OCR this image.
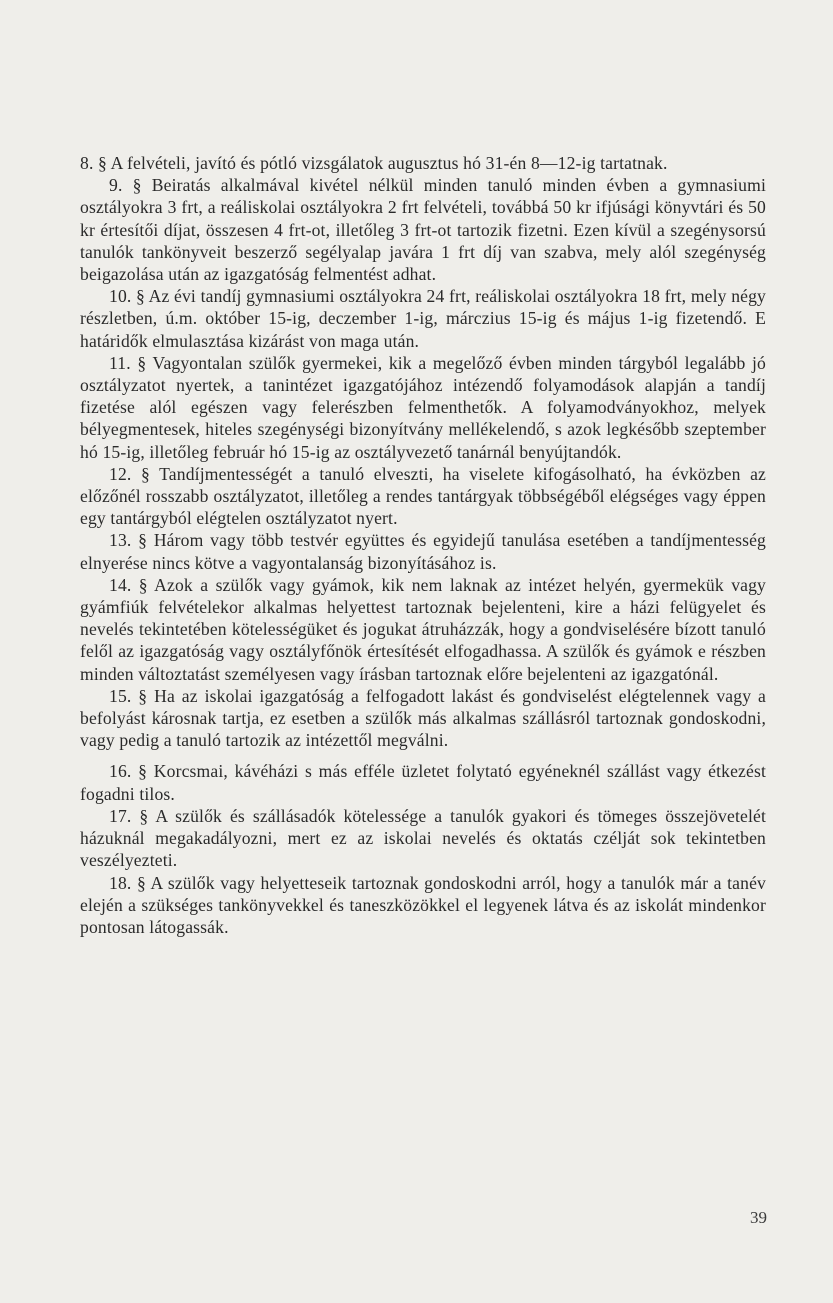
8. § A felvételi, javító és pótló vizsgálatok augusztus hó 31-én 8—12-ig tartatnak.

9. § Beiratás alkalmával kivétel nélkül minden tanuló minden évben a gymnasiumi osztályokra 3 frt, a reáliskolai osztályokra 2 frt felvételi, továbbá 50 kr ifjúsági könyvtári és 50 kr értesítői díjat, összesen 4 frt-ot, illetőleg 3 frt-ot tartozik fizetni. Ezen kívül a szegénysorsú tanulók tankönyveit beszerző segélyalap javára 1 frt díj van szabva, mely alól szegénység beigazolása után az igazgatóság felmentést adhat.

10. § Az évi tandíj gymnasiumi osztályokra 24 frt, reáliskolai osztályokra 18 frt, mely négy részletben, ú.m. október 15-ig, deczember 1-ig, márczius 15-ig és május 1-ig fizetendő. E határidők elmulasztása kizárást von maga után.

11. § Vagyontalan szülők gyermekei, kik a megelőző évben minden tárgyból legalább jó osztályzatot nyertek, a tanintézet igazgatójához intézendő folyamodások alapján a tandíj fizetése alól egészen vagy felerészben felmenthetők. A folyamodványokhoz, melyek bélyegmentesek, hiteles szegénységi bizonyítvány mellékelendő, s azok legkésőbb szeptember hó 15-ig, illetőleg február hó 15-ig az osztályvezető tanárnál benyújtandók.

12. § Tandíjmentességét a tanuló elveszti, ha viselete kifogásolható, ha évközben az előzőnél rosszabb osztályzatot, illetőleg a rendes tantárgyak többségéből elégséges vagy éppen egy tantárgyból elégtelen osztályzatot nyert.

13. § Három vagy több testvér együttes és egyidejű tanulása esetében a tandíjmentesség elnyerése nincs kötve a vagyontalanság bizonyításához is.

14. § Azok a szülők vagy gyámok, kik nem laknak az intézet helyén, gyermekük vagy gyámfiúk felvételekor alkalmas helyettest tartoznak bejelenteni, kire a házi felügyelet és nevelés tekintetében kötelességüket és jogukat átruházzák, hogy a gondviselésére bízott tanuló felől az igazgatóság vagy osztályfőnök értesítését elfogadhassa. A szülők és gyámok e részben minden változtatást személyesen vagy írásban tartoznak előre bejelenteni az igazgatónál.

15. § Ha az iskolai igazgatóság a felfogadott lakást és gondviselést elégtelennek vagy a befolyást károsnak tartja, ez esetben a szülők más alkalmas szállásról tartoznak gondoskodni, vagy pedig a tanuló tartozik az intézettől megválni.

16. § Korcsmai, kávéházi s más efféle üzletet folytató egyéneknél szállást vagy étkezést fogadni tilos.

17. § A szülők és szállásadók kötelessége a tanulók gyakori és tömeges összejövetelét házuknál megakadályozni, mert ez az iskolai nevelés és oktatás czélját sok tekintetben veszélyezteti.

18. § A szülők vagy helyetteseik tartoznak gondoskodni arról, hogy a tanulók már a tanév elején a szükséges tankönyvekkel és taneszközökkel el legyenek látva és az iskolát mindenkor pontosan látogassák.

39
